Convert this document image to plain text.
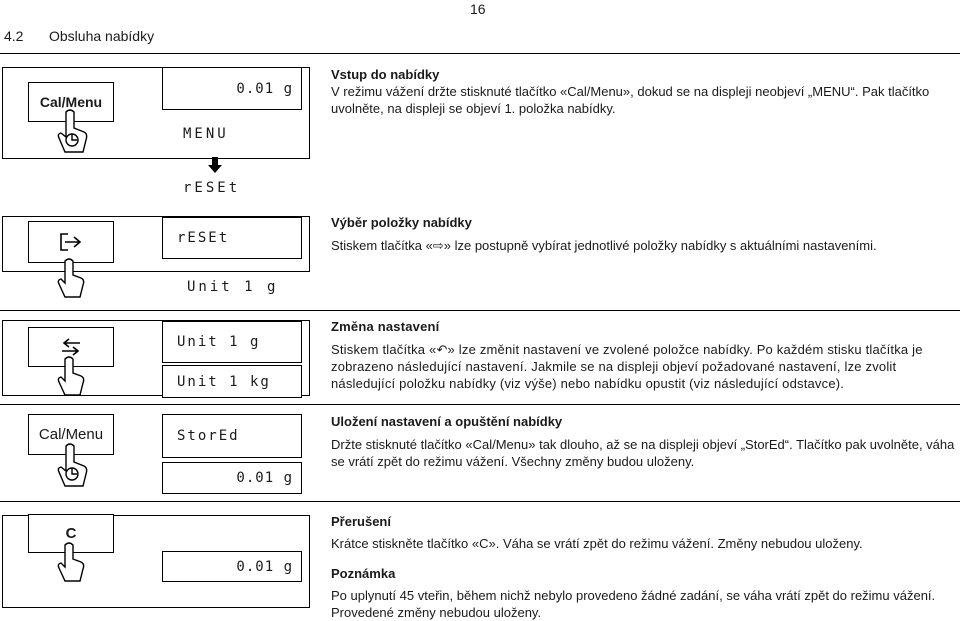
16
4.2 Obsluha nabídky
Cal/Menu
0.01 g
MENU
rESEt
Vstup do nabídky
V režimu vážení držte stisknuté tlačítko «Cal/Menu», dokud se na displeji neobjeví „MENU“. Pak tlačítko uvolněte, na displeji se objeví 1. položka nabídky.
rESEt
Unit 1 g
Výběr položky nabídky
Stiskem tlačítka «⇨» lze postupně vybírat jednotlivé položky nabídky s aktuálními nastaveními.
Unit 1 g
Unit 1 kg
Změna nastavení
Stiskem tlačítka «↶» lze změnit nastavení ve zvolené položce nabídky. Po každém stisku tlačítka je zobrazeno následující nastavení. Jakmile se na displeji objeví požadované nastavení, lze zvolit následující položku nabídky (viz výše) nebo nabídku opustit (viz následující odstavce).
Cal/Menu	StorEd
0.01 g
Uložení nastavení a opuštění nabídky
Držte stisknuté tlačítko «Cal/Menu» tak dlouho, až se na displeji objeví „StorEd“. Tlačítko pak uvolněte, váha se vrátí zpět do režimu vážení. Všechny změny budou uloženy.
C
0.01 g
Přerušení
Krátce stiskněte tlačítko «C». Váha se vrátí zpět do režimu vážení. Změny nebudou uloženy.
Poznámka
Po uplynutí 45 vteřin, během nichž nebylo provedeno žádné zadání, se váha vrátí zpět do režimu vážení. Provedené změny nebudou uloženy.
